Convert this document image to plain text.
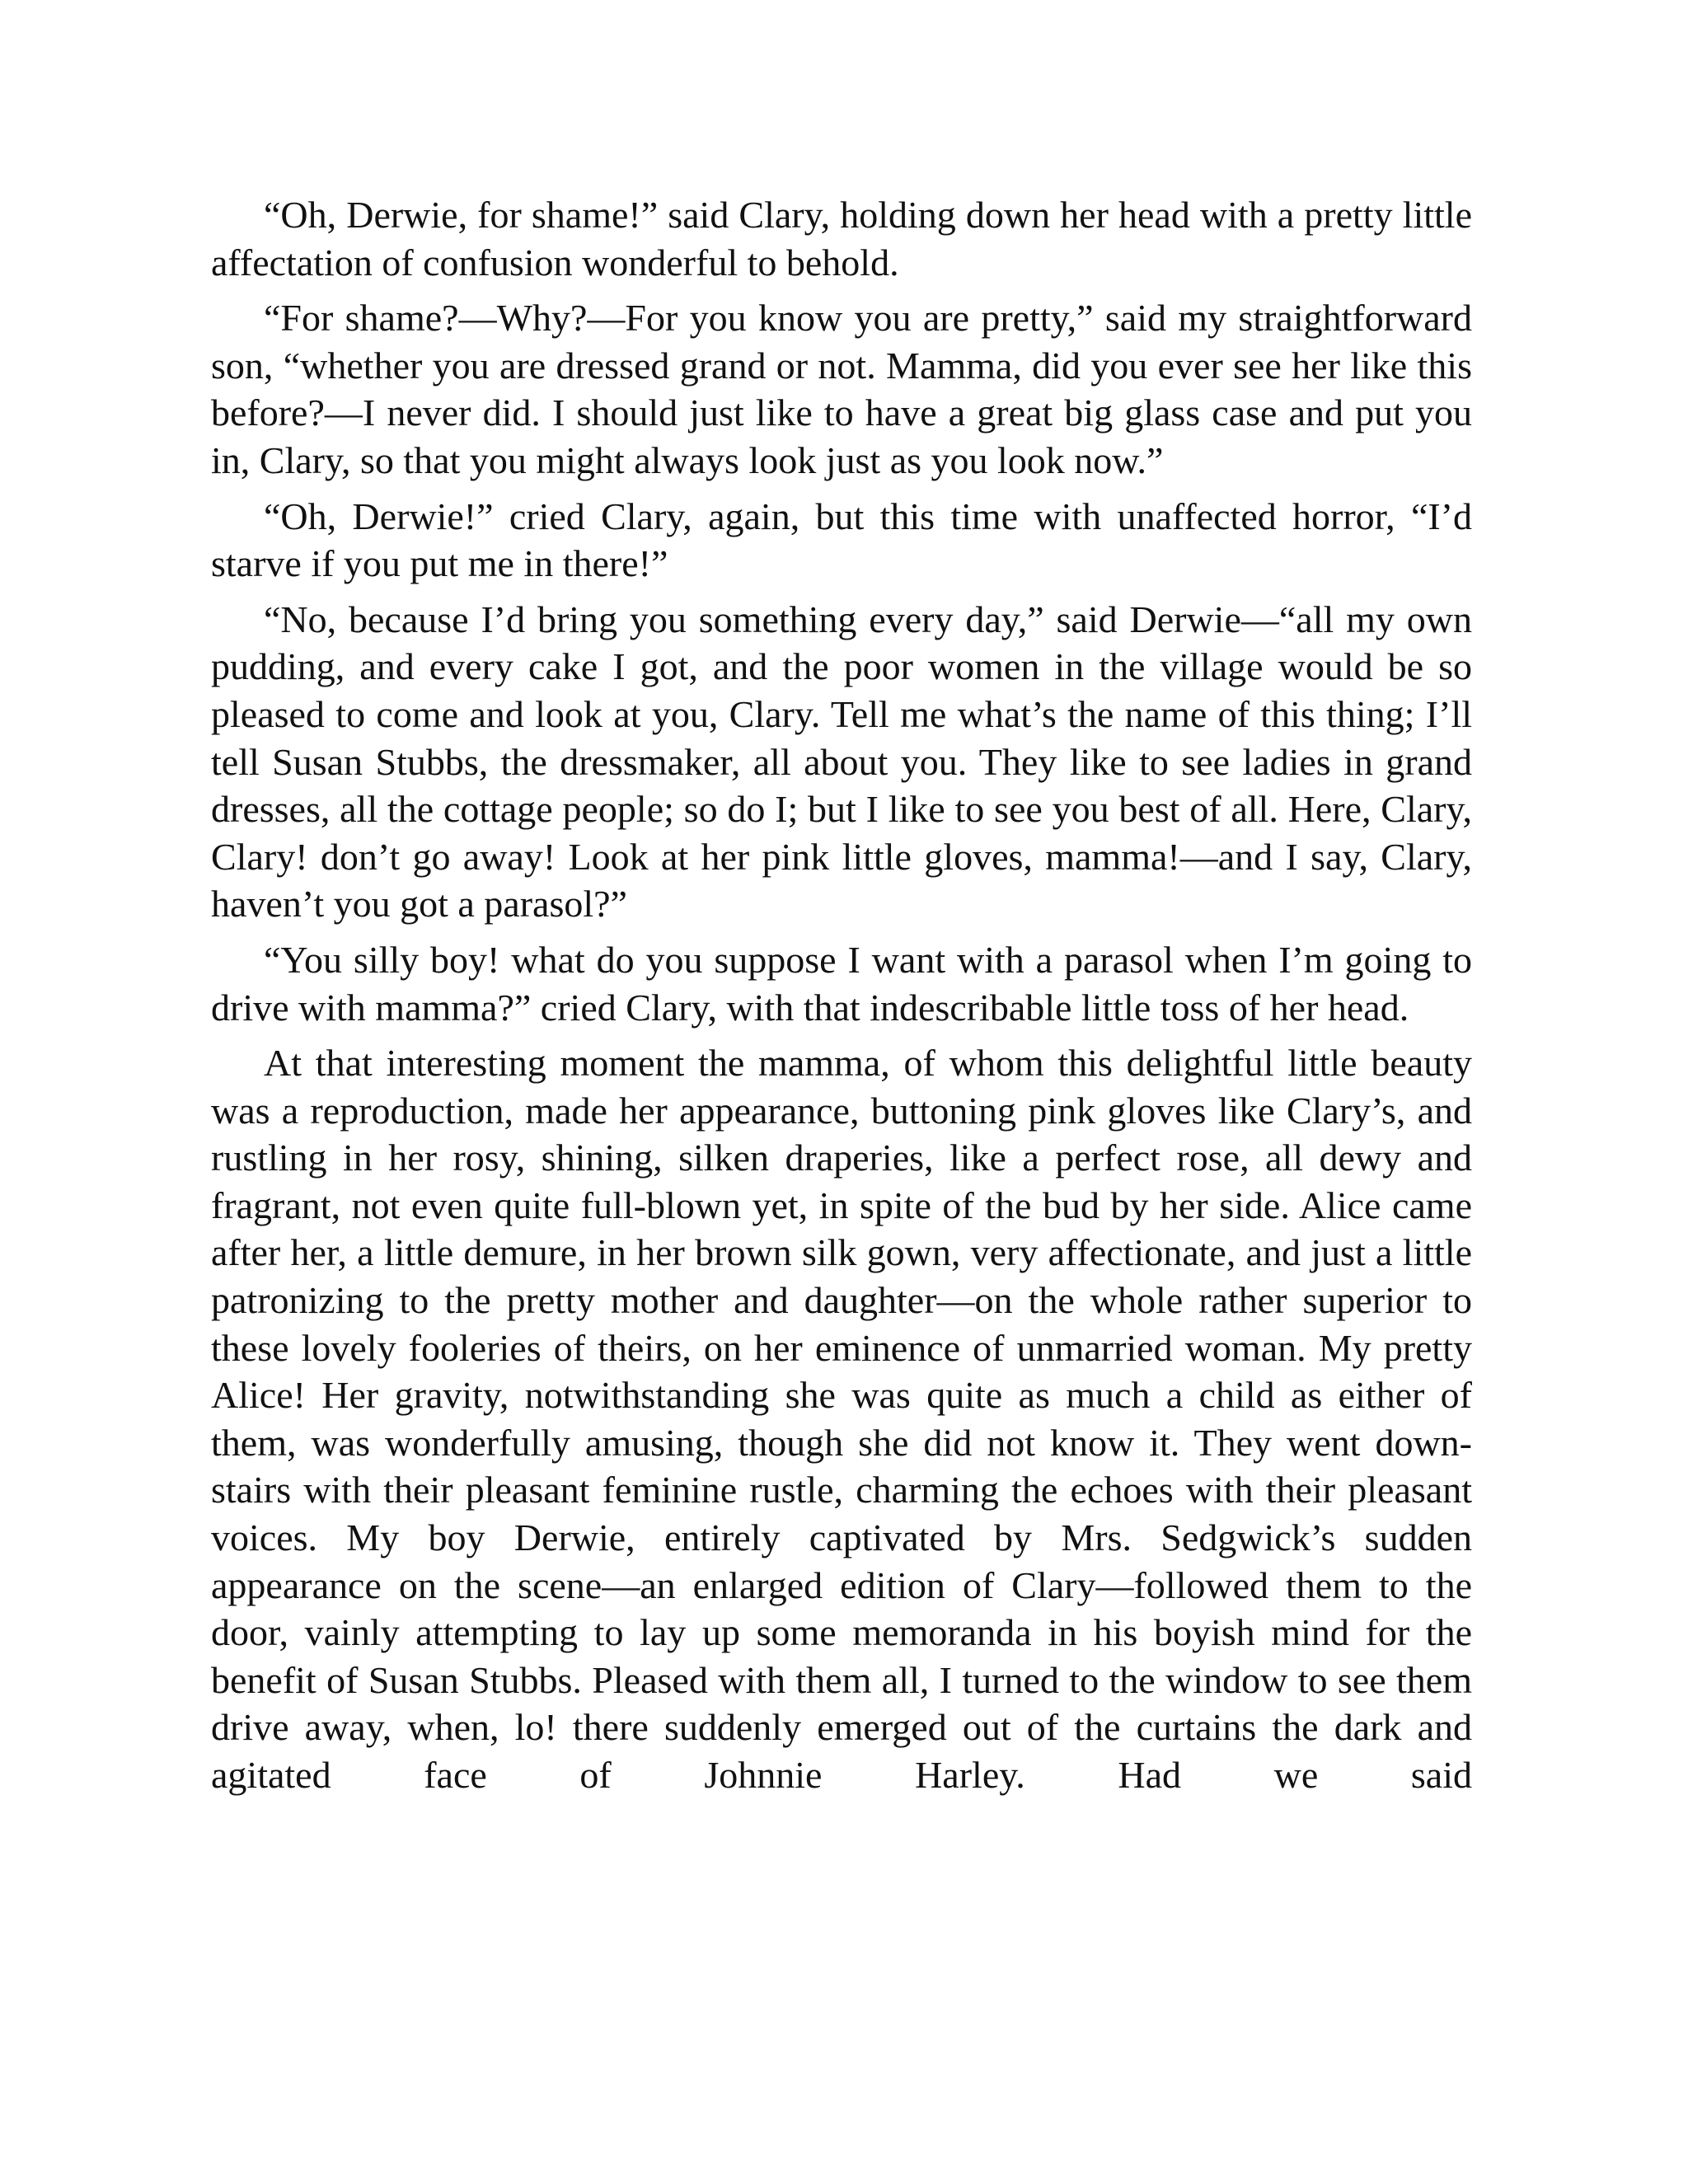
“Oh, Derwie, for shame!” said Clary, holding down her head with a pretty little affectation of confusion wonderful to behold.

“For shame?—Why?—For you know you are pretty,” said my straightforward son, “whether you are dressed grand or not. Mamma, did you ever see her like this before?—I never did. I should just like to have a great big glass case and put you in, Clary, so that you might always look just as you look now.”

“Oh, Derwie!” cried Clary, again, but this time with unaffected horror, “I’d starve if you put me in there!”

“No, because I’d bring you something every day,” said Derwie—“all my own pudding, and every cake I got, and the poor women in the village would be so pleased to come and look at you, Clary. Tell me what’s the name of this thing; I’ll tell Susan Stubbs, the dressmaker, all about you. They like to see ladies in grand dresses, all the cottage people; so do I; but I like to see you best of all. Here, Clary, Clary! don’t go away! Look at her pink little gloves, mamma!—and I say, Clary, haven’t you got a parasol?”

“You silly boy! what do you suppose I want with a parasol when I’m going to drive with mamma?” cried Clary, with that indescribable little toss of her head.

At that interesting moment the mamma, of whom this delightful little beauty was a reproduction, made her appearance, buttoning pink gloves like Clary’s, and rustling in her rosy, shining, silken draperies, like a perfect rose, all dewy and fragrant, not even quite full-blown yet, in spite of the bud by her side. Alice came after her, a little demure, in her brown silk gown, very affectionate, and just a little patronizing to the pretty mother and daughter—on the whole rather superior to these lovely fooleries of theirs, on her eminence of unmarried woman. My pretty Alice! Her gravity, notwithstanding she was quite as much a child as either of them, was wonderfully amusing, though she did not know it. They went down-stairs with their pleasant feminine rustle, charming the echoes with their pleasant voices. My boy Derwie, entirely captivated by Mrs. Sedgwick’s sudden appearance on the scene—an enlarged edition of Clary—followed them to the door, vainly attempting to lay up some memoranda in his boyish mind for the benefit of Susan Stubbs. Pleased with them all, I turned to the window to see them drive away, when, lo! there suddenly emerged out of the curtains the dark and agitated face of Johnnie Harley. Had we said
